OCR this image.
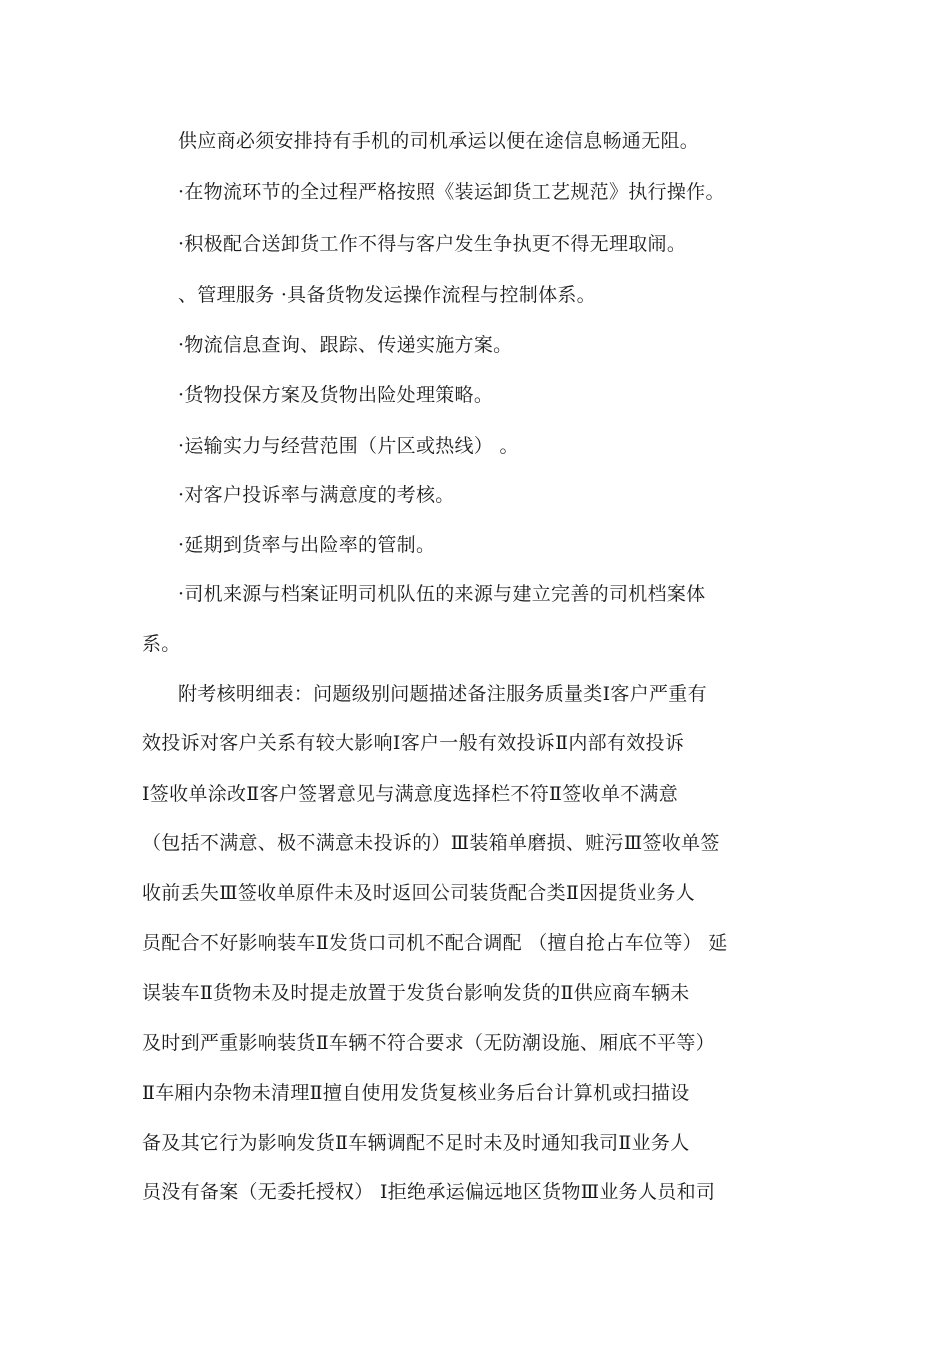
供应商必须安排持有手机的司机承运以便在途信息畅通无阻。
·在物流环节的全过程严格按照《装运卸货工艺规范》执行操作。
·积极配合送卸货工作不得与客户发生争执更不得无理取闹。
、管理服务 ·具备货物发运操作流程与控制体系。
·物流信息查询、跟踪、传递实施方案。
·货物投保方案及货物出险处理策略。
·运输实力与经营范围（片区或热线） 。
·对客户投诉率与满意度的考核。
·延期到货率与出险率的管制。
·司机来源与档案证明司机队伍的来源与建立完善的司机档案体
系。
附考核明细表：问题级别问题描述备注服务质量类Ⅰ客户严重有
效投诉对客户关系有较大影响Ⅰ客户一般有效投诉Ⅱ内部有效投诉
Ⅰ签收单涂改Ⅱ客户签署意见与满意度选择栏不符Ⅱ签收单不满意
（包括不满意、极不满意未投诉的）Ⅲ装箱单磨损、赃污Ⅲ签收单签
收前丢失Ⅲ签收单原件未及时返回公司装货配合类Ⅱ因提货业务人
员配合不好影响装车Ⅱ发货口司机不配合调配 （擅自抢占车位等） 延
误装车Ⅱ货物未及时提走放置于发货台影响发货的Ⅱ供应商车辆未
及时到严重影响装货Ⅱ车辆不符合要求（无防潮设施、厢底不平等）
Ⅱ车厢内杂物未清理Ⅱ擅自使用发货复核业务后台计算机或扫描设
备及其它行为影响发货Ⅱ车辆调配不足时未及时通知我司Ⅱ业务人
员没有备案（无委托授权） Ⅰ拒绝承运偏远地区货物Ⅲ业务人员和司
